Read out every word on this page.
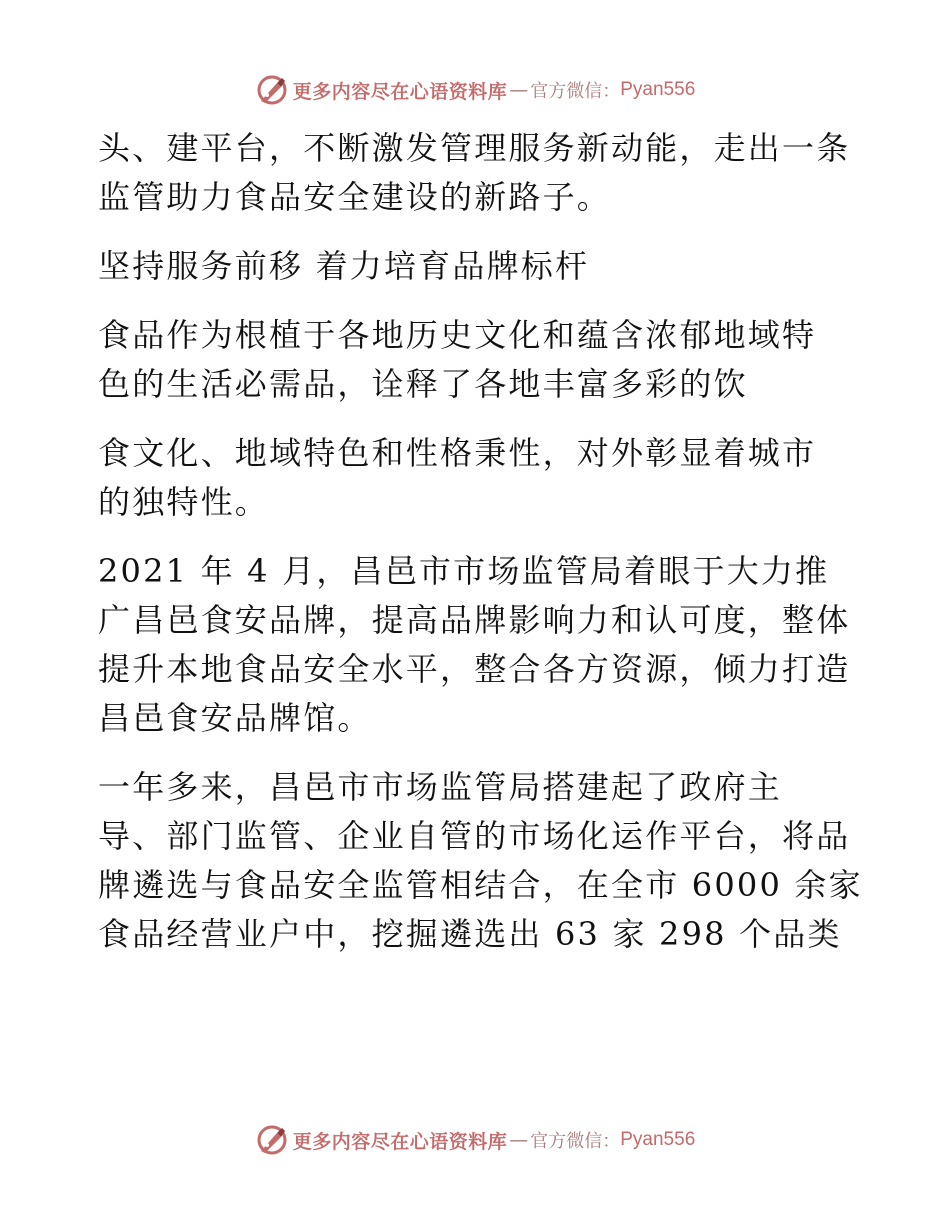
更多内容尽在心语资料库 — 官方微信： Pyan556

头、建平台，不断激发管理服务新动能，走出一条
监管助力食品安全建设的新路子。

坚持服务前移 着力培育品牌标杆

食品作为根植于各地历史文化和蕴含浓郁地域特
色的生活必需品，诠释了各地丰富多彩的饮

食文化、地域特色和性格秉性，对外彰显着城市
的独特性。

2021 年 4 月，昌邑市市场监管局着眼于大力推
广昌邑食安品牌，提高品牌影响力和认可度，整体
提升本地食品安全水平，整合各方资源，倾力打造
昌邑食安品牌馆。

一年多来，昌邑市市场监管局搭建起了政府主
导、部门监管、企业自管的市场化运作平台，将品
牌遴选与食品安全监管相结合，在全市 6000 余家
食品经营业户中，挖掘遴选出 63 家 298 个品类

更多内容尽在心语资料库 — 官方微信： Pyan556
